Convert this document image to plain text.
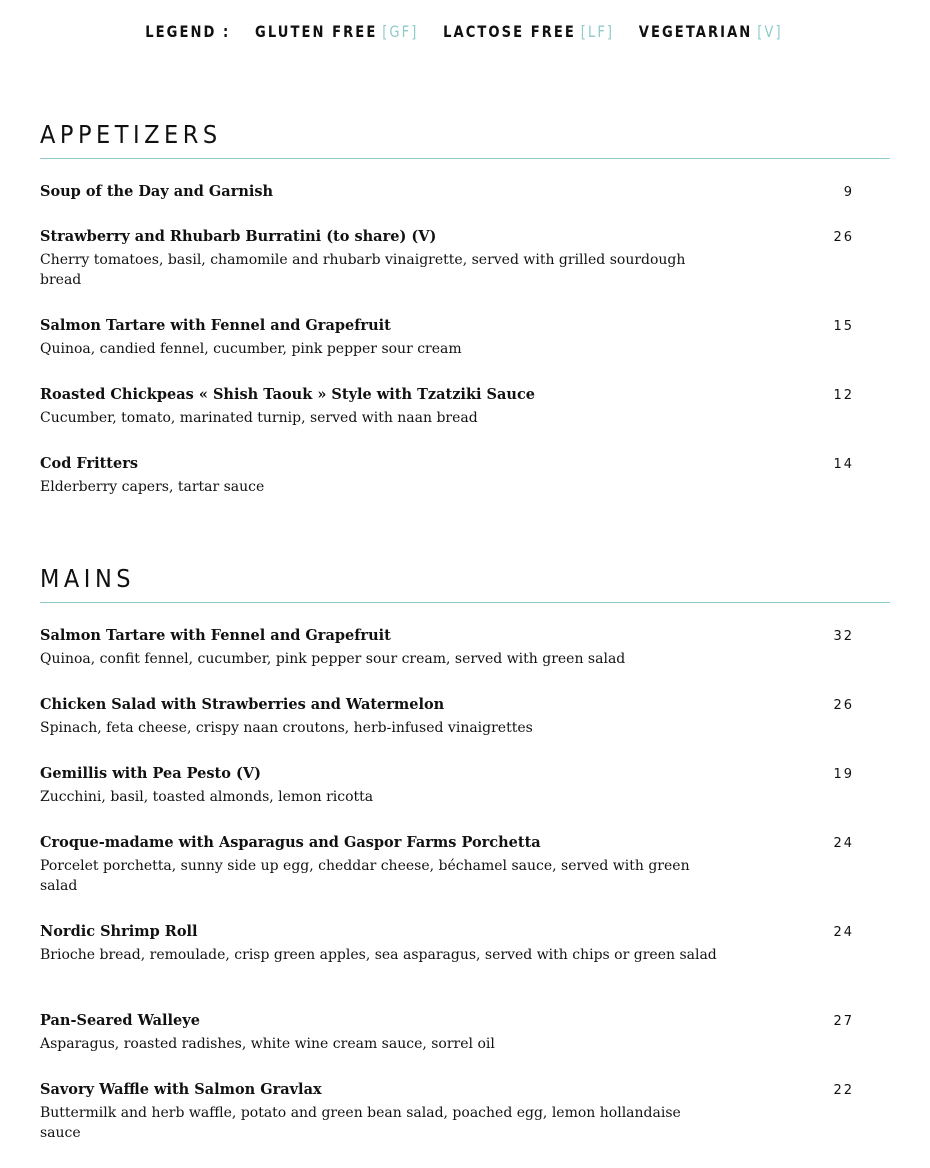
LEGEND : GLUTEN FREE [GF] LACTOSE FREE [LF] VEGETARIAN [V]
APPETIZERS
Soup of the Day and Garnish	9
Strawberry and Rhubarb Burratini (to share) (V)
Cherry tomatoes, basil, chamomile and rhubarb vinaigrette, served with grilled sourdough bread
26
Salmon Tartare with Fennel and Grapefruit
Quinoa, candied fennel, cucumber, pink pepper sour cream
15
Roasted Chickpeas « Shish Taouk » Style with Tzatziki Sauce
Cucumber, tomato, marinated turnip, served with naan bread
12
Cod Fritters
Elderberry capers, tartar sauce
14
MAINS
Salmon Tartare with Fennel and Grapefruit
Quinoa, confit fennel, cucumber, pink pepper sour cream, served with green salad
32
Chicken Salad with Strawberries and Watermelon
Spinach, feta cheese, crispy naan croutons, herb-infused vinaigrettes
26
Gemillis with Pea Pesto (V)
Zucchini, basil, toasted almonds, lemon ricotta
19
Croque-madame with Asparagus and Gaspor Farms Porchetta
Porcelet porchetta, sunny side up egg, cheddar cheese, béchamel sauce, served with green salad
24
Nordic Shrimp Roll
Brioche bread, remoulade, crisp green apples, sea asparagus, served with chips or green salad
24
Pan-Seared Walleye
Asparagus, roasted radishes, white wine cream sauce, sorrel oil
27
Savory Waffle with Salmon Gravlax
Buttermilk and herb waffle, potato and green bean salad, poached egg, lemon hollandaise sauce
22
